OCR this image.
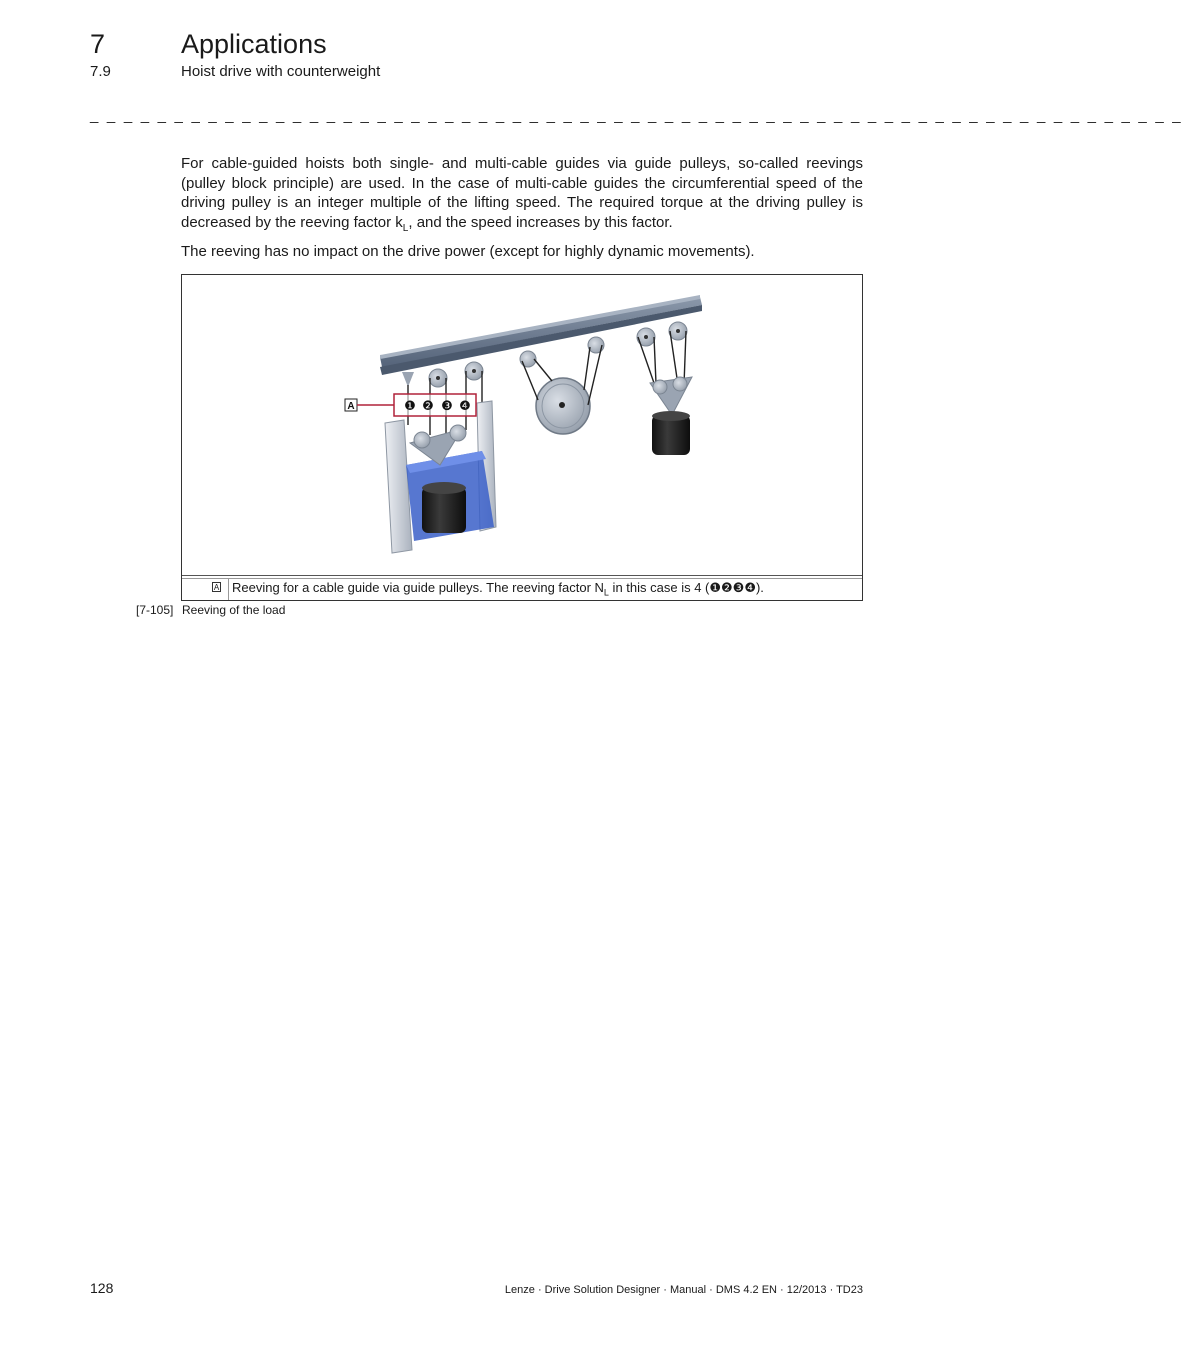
7	Applications
7.9	Hoist drive with counterweight
_ _ _ _ _ _ _ _ _ _ _ _ _ _ _ _ _ _ _ _ _ _ _ _ _ _ _ _ _ _ _ _ _ _ _ _ _ _ _ _ _ _ _ _ _ _ _ _ _ _ _ _ _ _ _ _ _ _ _ _ _ _ _ _ _

For cable-guided hoists both single- and multi-cable guides via guide pulleys, so-called reevings (pulley block principle) are used. In the case of multi-cable guides the circumferential speed of the driving pulley is an integer multiple of the lifting speed. The required torque at the driving pulley is decreased by the reeving factor $k_L$, and the speed increases by this factor.

The reeving has no impact on the drive power (except for highly dynamic movements).

A	❶ ❷ ❸ ❹
A Reeving for a cable guide via guide pulleys. The reeving factor $N_L$ in this case is 4 (❶❷❸❹).
[7-105] Reeving of the load
128	Lenze · Drive Solution Designer · Manual · DMS 4.2 EN · 12/2013 · TD23
